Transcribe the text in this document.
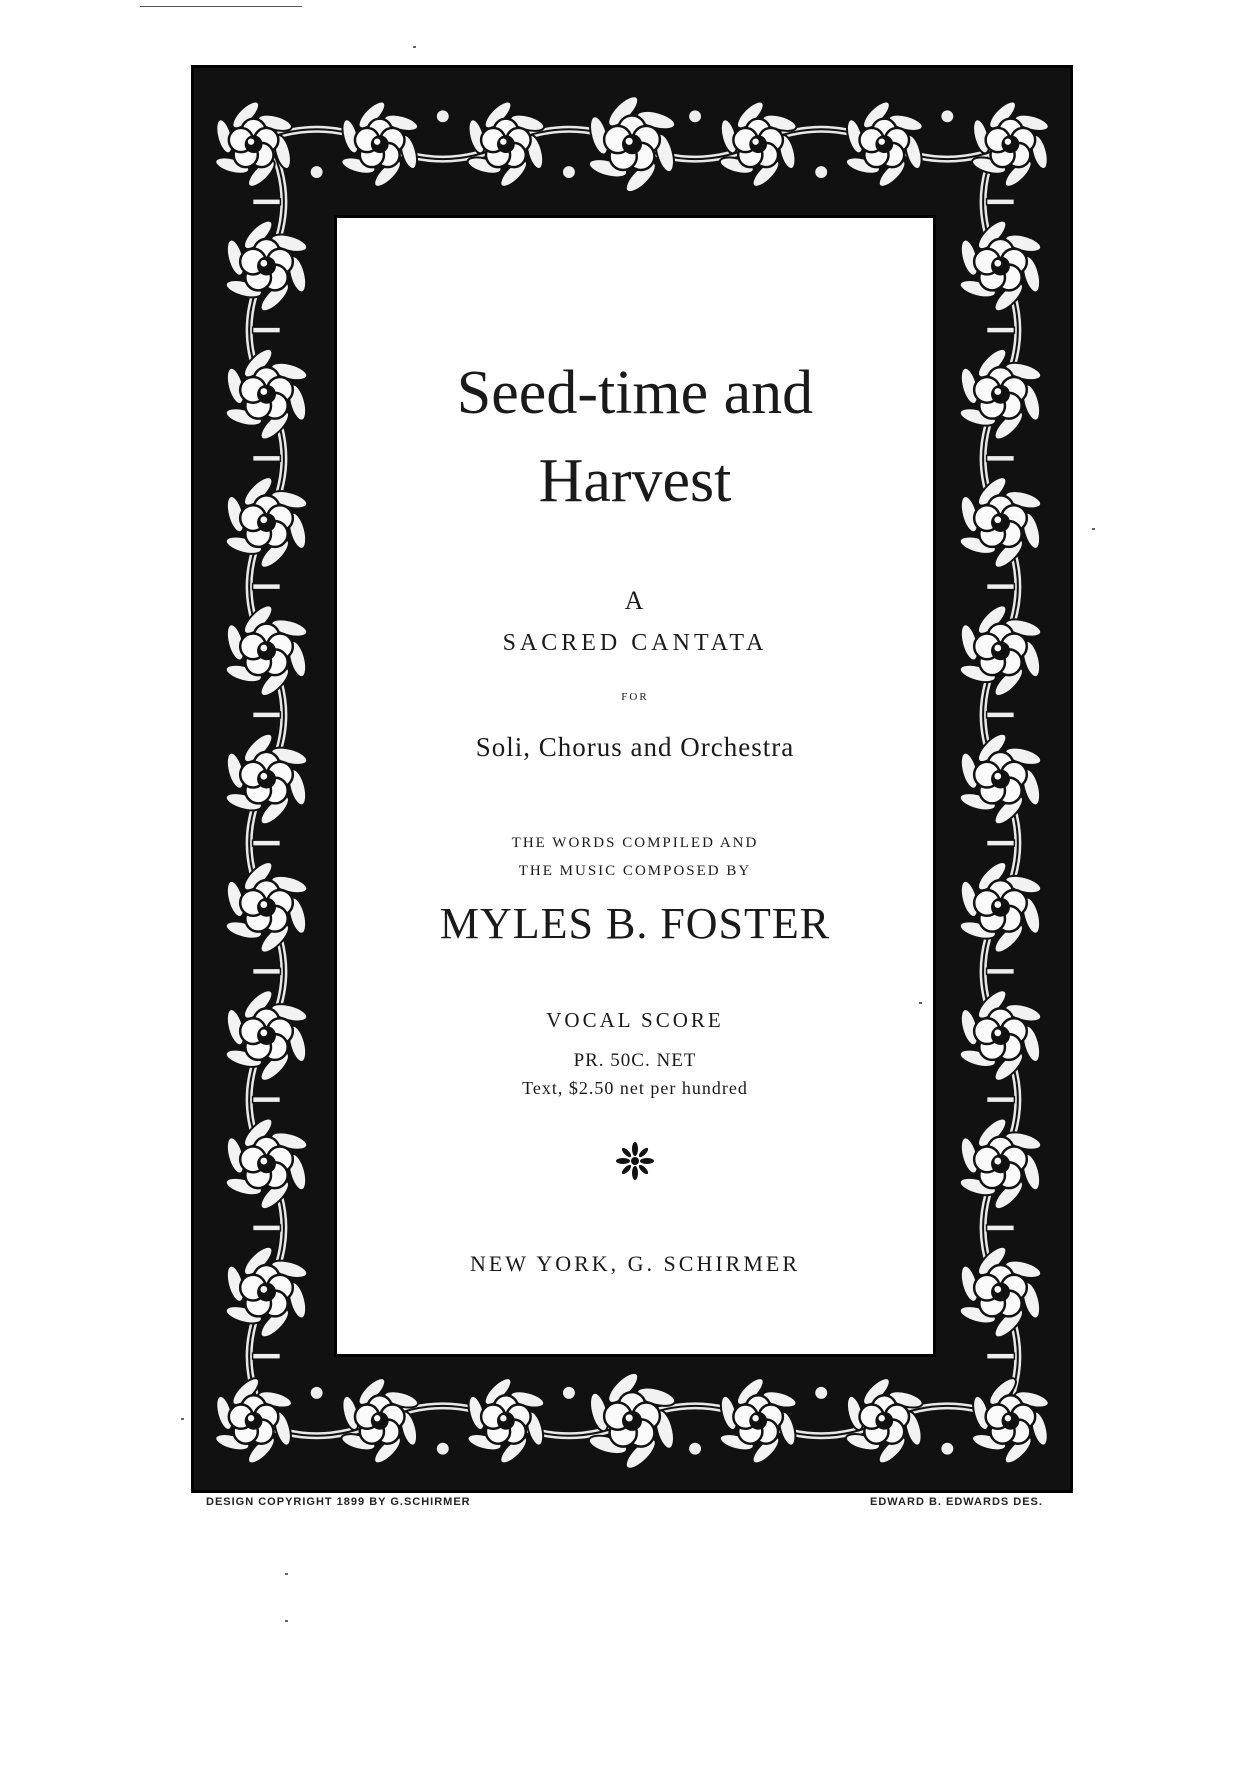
Seed-time and
Harvest
A
SACRED CANTATA
FOR
Soli, Chorus and Orchestra
THE WORDS COMPILED AND
THE MUSIC COMPOSED BY
MYLES B. FOSTER
VOCAL SCORE
PR. 50C. NET
Text, $2.50 net per hundred
NEW YORK, G. SCHIRMER
DESIGN COPYRIGHT 1899 BY G.SCHIRMER	EDWARD B. EDWARDS DES.
